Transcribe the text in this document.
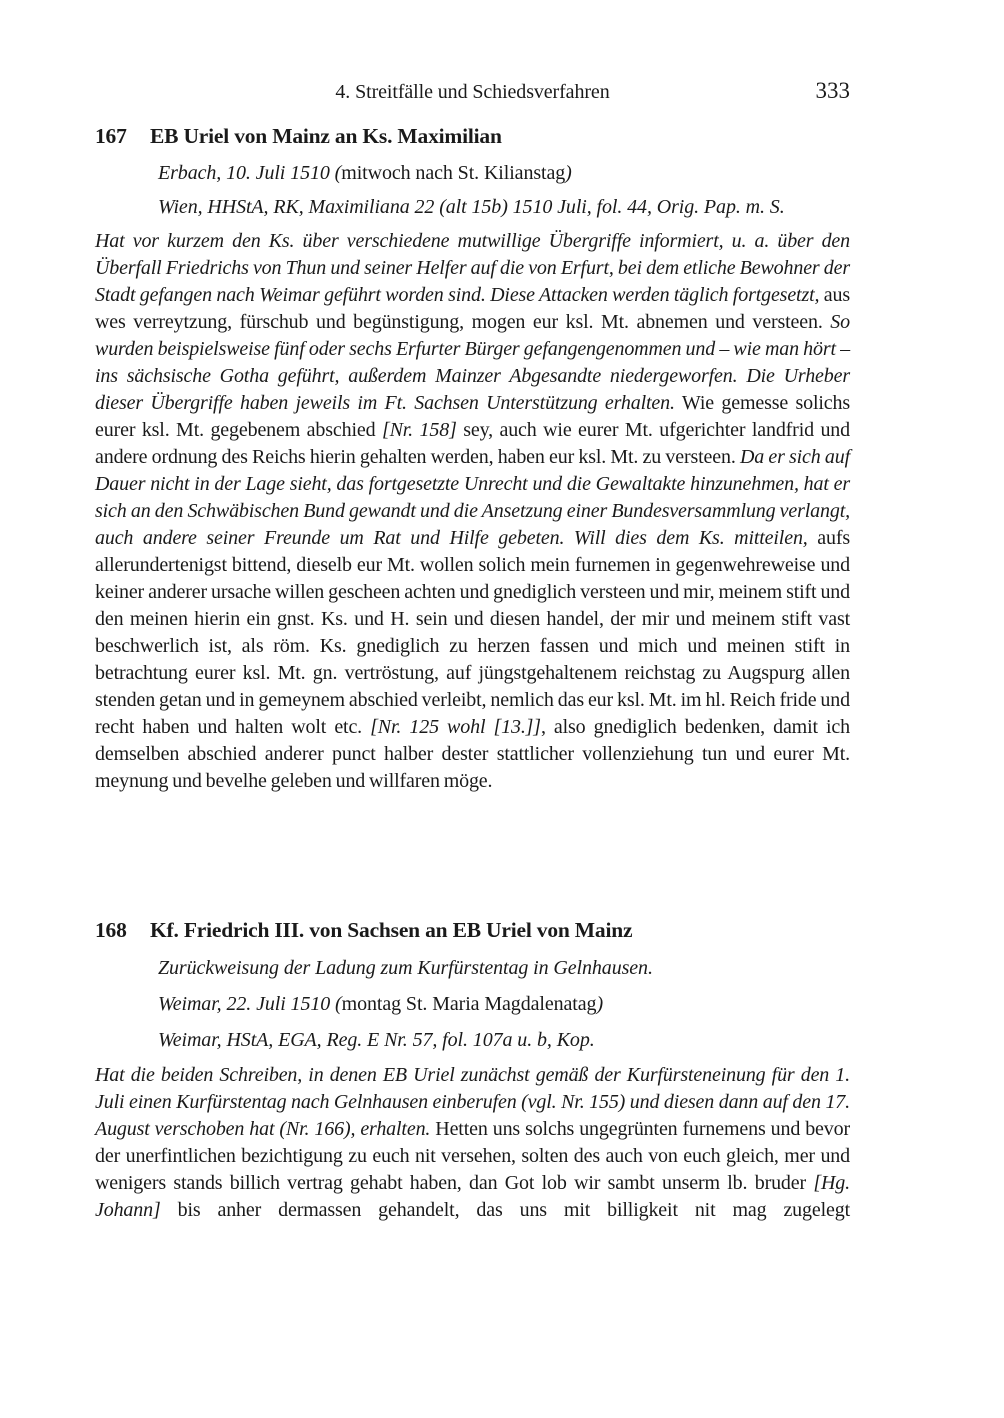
4. Streitfälle und Schiedsverfahren	333
167	EB Uriel von Mainz an Ks. Maximilian
Erbach, 10. Juli 1510 (mitwoch nach St. Kilianstag)
Wien, HHStA, RK, Maximiliana 22 (alt 15b) 1510 Juli, fol. 44, Orig. Pap. m. S.

Hat vor kurzem den Ks. über verschiedene mutwillige Übergriffe informiert, u. a. über den Überfall Friedrichs von Thun und seiner Helfer auf die von Erfurt, bei dem etliche Bewohner der Stadt gefangen nach Weimar geführt worden sind. Diese Attacken werden täglich fortgesetzt, aus wes verreytzung, fürschub und begünstigung, mogen eur ksl. Mt. abnemen und versteen. So wurden beispielsweise fünf oder sechs Erfurter Bürger gefangengenommen und – wie man hört – ins sächsische Gotha geführt, außerdem Mainzer Abgesandte niedergeworfen. Die Urheber dieser Übergriffe haben jeweils im Ft. Sachsen Unterstützung erhalten. Wie gemesse solichs eurer ksl. Mt. gegebenem abschied [Nr. 158] sey, auch wie eurer Mt. ufgerichter landfrid und andere ordnung des Reichs hierin gehalten werden, haben eur ksl. Mt. zu versteen. Da er sich auf Dauer nicht in der Lage sieht, das fortgesetzte Unrecht und die Gewaltakte hinzunehmen, hat er sich an den Schwäbischen Bund gewandt und die Ansetzung einer Bundesversammlung verlangt, auch andere seiner Freunde um Rat und Hilfe gebeten. Will dies dem Ks. mitteilen, aufs allerundertenigst bittend, dieselb eur Mt. wollen solich mein furnemen in gegenwehreweise und keiner anderer ursache willen gescheen achten und gnediglich versteen und mir, meinem stift und den meinen hierin ein gnst. Ks. und H. sein und diesen handel, der mir und meinem stift vast beschwerlich ist, als röm. Ks. gnediglich zu herzen fassen und mich und meinen stift in betrachtung eurer ksl. Mt. gn. vertröstung, auf jüngstgehaltenem reichstag zu Augspurg allen stenden getan und in gemeynem abschied verleibt, nemlich das eur ksl. Mt. im hl. Reich fride und recht haben und halten wolt etc. [Nr. 125 wohl [13.]], also gnediglich bedenken, damit ich demselben abschied anderer punct halber dester stattlicher vollenziehung tun und eurer Mt. meynung und bevelhe geleben und willfaren möge.

168	Kf. Friedrich III. von Sachsen an EB Uriel von Mainz
Zurückweisung der Ladung zum Kurfürstentag in Gelnhausen.
Weimar, 22. Juli 1510 (montag St. Maria Magdalenatag)
Weimar, HStA, EGA, Reg. E Nr. 57, fol. 107a u. b, Kop.

Hat die beiden Schreiben, in denen EB Uriel zunächst gemäß der Kurfürsteneinung für den 1. Juli einen Kurfürstentag nach Gelnhausen einberufen (vgl. Nr. 155) und diesen dann auf den 17. August verschoben hat (Nr. 166), erhalten. Hetten uns solchs ungegrünten furnemens und bevor der unerfintlichen bezichtigung zu euch nit versehen, solten des auch von euch gleich, mer und wenigers stands billich vertrag gehabt haben, dan Got lob wir sambt unserm lb. bruder [Hg. Johann] bis anher dermassen gehandelt, das uns mit billigkeit nit mag zugelegt
